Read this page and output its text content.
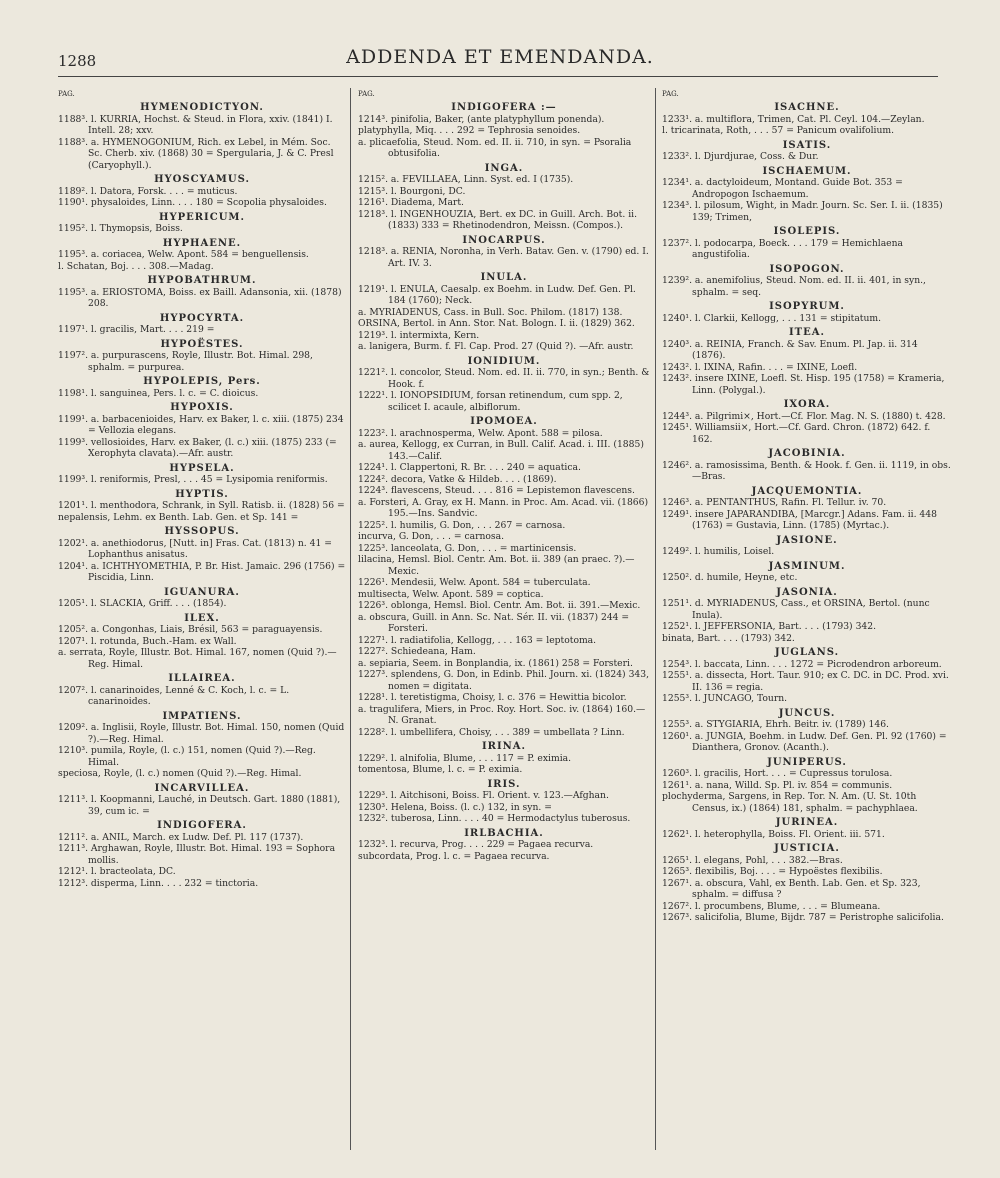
1288	ADDENDA ET EMENDANDA.

PAG.

HYMENODICTYON.

1188³. l. KURRIA, Hochst. & Steud. in Flora, xxiv. (1841) I. Intell. 28; xxv.

1188³. a. HYMENOGONIUM, Rich. ex Lebel, in Mém. Soc. Sc. Cherb. xiv. (1868) 30 = Spergularia, J. & C. Presl (Caryophyll.).

HYOSCYAMUS.

1189². l. Datora, Forsk. . . . = muticus.

1190¹. physaloides, Linn. . . . 180 = Scopolia physaloides.

HYPERICUM.

1195². l. Thymopsis, Boiss.

HYPHAENE.

1195³. a. coriacea, Welw. Apont. 584 = benguellensis.

l. Schatan, Boj. . . . 308.—Madag.

HYPOBATHRUM.

1195³. a. ERIOSTOMA, Boiss. ex Baill. Adansonia, xii. (1878) 208.

HYPOCYRTA.

1197¹. l. gracilis, Mart. . . . 219 =

HYPOËSTES.

1197². a. purpurascens, Royle, Illustr. Bot. Himal. 298, sphalm. = purpurea.

HYPOLEPIS, Pers.

1198¹. l. sanguinea, Pers. l. c. = C. dioicus.

HYPOXIS.

1199¹. a. barbacenioides, Harv. ex Baker, l. c. xiii. (1875) 234 = Vellozia elegans.

1199³. vellosioides, Harv. ex Baker, (l. c.) xiii. (1875) 233 (= Xerophyta clavata).—Afr. austr.

HYPSELA.

1199³. l. reniformis, Presl, . . . 45 = Lysipomia reniformis.

HYPTIS.

1201¹. l. menthodora, Schrank, in Syll. Ratisb. ii. (1828) 56 =

nepalensis, Lehm. ex Benth. Lab. Gen. et Sp. 141 =

HYSSOPUS.

1202¹. a. anethiodorus, [Nutt. in] Fras. Cat. (1813) n. 41 = Lophanthus anisatus.

1204¹. a. ICHTHYOMETHIA, P. Br. Hist. Jamaic. 296 (1756) = Piscidia, Linn.

IGUANURA.

1205¹. l. SLACKIA, Griff. . . . (1854).

ILEX.

1205². a. Congonhas, Liais, Brésil, 563 = paraguayensis.

1207¹. l. rotunda, Buch.-Ham. ex Wall.

a. serrata, Royle, Illustr. Bot. Himal. 167, nomen (Quid ?).—Reg. Himal.

ILLAIREA.

1207². l. canarinoides, Lenné & C. Koch, l. c. = L. canarinoides.

IMPATIENS.

1209². a. Inglisii, Royle, Illustr. Bot. Himal. 150, nomen (Quid ?).—Reg. Himal.

1210³. pumila, Royle, (l. c.) 151, nomen (Quid ?).—Reg. Himal.

speciosa, Royle, (l. c.) nomen (Quid ?).—Reg. Himal.

INCARVILLEA.

1211³. l. Koopmanni, Lauché, in Deutsch. Gart. 1880 (1881), 39, cum ic. =

INDIGOFERA.

1211². a. ANIL, March. ex Ludw. Def. Pl. 117 (1737).

1211³. Arghawan, Royle, Illustr. Bot. Himal. 193 = Sophora mollis.

1212¹. l. bracteolata, DC.

1212³. disperma, Linn. . . . 232 = tinctoria.

PAG.

INDIGOFERA :—

1214³. pinifolia, Baker, (ante platyphyllum ponenda).

platyphylla, Miq. . . . 292 = Tephrosia senoides.

a. plicaefolia, Steud. Nom. ed. II. ii. 710, in syn. = Psoralia obtusifolia.

INGA.

1215². a. FEVILLAEA, Linn. Syst. ed. I (1735).

1215³. l. Bourgoni, DC.

1216¹. Diadema, Mart.

1218³. l. INGENHOUZIA, Bert. ex DC. in Guill. Arch. Bot. ii. (1833) 333 = Rhetinodendron, Meissn. (Compos.).

INOCARPUS.

1218³. a. RENIA, Noronha, in Verh. Batav. Gen. v. (1790) ed. I. Art. IV. 3.

INULA.

1219¹. l. ENULA, Caesalp. ex Boehm. in Ludw. Def. Gen. Pl. 184 (1760); Neck.

a. MYRIADENUS, Cass. in Bull. Soc. Philom. (1817) 138.

ORSINA, Bertol. in Ann. Stor. Nat. Bologn. I. ii. (1829) 362.

1219³. l. intermixta, Kern.

a. lanigera, Burm. f. Fl. Cap. Prod. 27 (Quid ?). —Afr. austr.

IONIDIUM.

1221². l. concolor, Steud. Nom. ed. II. ii. 770, in syn.; Benth. & Hook. f.

1222¹. l. IONOPSIDIUM, forsan retinendum, cum spp. 2, scilicet I. acaule, albiflorum.

IPOMOEA.

1223². l. arachnosperma, Welw. Apont. 588 = pilosa.

a. aurea, Kellogg, ex Curran, in Bull. Calif. Acad. i. III. (1885) 143.—Calif.

1224¹. l. Clappertoni, R. Br. . . . 240 = aquatica.

1224². decora, Vatke & Hildeb. . . . (1869).

1224³. flavescens, Steud. . . . 816 = Lepistemon flavescens.

a. Forsteri, A. Gray, ex H. Mann. in Proc. Am. Acad. vii. (1866) 195.—Ins. Sandvic.

1225². l. humilis, G. Don, . . . 267 = carnosa.

incurva, G. Don, . . . = carnosa.

1225³. lanceolata, G. Don, . . . = martinicensis.

lilacina, Hemsl. Biol. Centr. Am. Bot. ii. 389 (an praec. ?).—Mexic.

1226¹. Mendesii, Welw. Apont. 584 = tuberculata.

multisecta, Welw. Apont. 589 = coptica.

1226³. oblonga, Hemsl. Biol. Centr. Am. Bot. ii. 391.—Mexic.

a. obscura, Guill. in Ann. Sc. Nat. Sér. II. vii. (1837) 244 = Forsteri.

1227¹. l. radiatifolia, Kellogg, . . . 163 = leptotoma.

1227². Schiedeana, Ham.

a. sepiaria, Seem. in Bonplandia, ix. (1861) 258 = Forsteri.

1227³. splendens, G. Don, in Edinb. Phil. Journ. xi. (1824) 343, nomen = digitata.

1228¹. l. teretistigma, Choisy, l. c. 376 = Hewittia bicolor.

a. tragulifera, Miers, in Proc. Roy. Hort. Soc. iv. (1864) 160.—N. Granat.

1228². l. umbellifera, Choisy, . . . 389 = umbellata ? Linn.

IRINA.

1229². l. alnifolia, Blume, . . . 117 = P. eximia.

tomentosa, Blume, l. c. = P. eximia.

IRIS.

1229³. l. Aitchisoni, Boiss. Fl. Orient. v. 123.—Afghan.

1230³. Helena, Boiss. (l. c.) 132, in syn. =

1232². tuberosa, Linn. . . . 40 = Hermodactylus tuberosus.

IRLBACHIA.

1232³. l. recurva, Prog. . . . 229 = Pagaea recurva.

subcordata, Prog. l. c. = Pagaea recurva.

PAG.

ISACHNE.

1233¹. a. multiflora, Trimen, Cat. Pl. Ceyl. 104.—Zeylan.

l. tricarinata, Roth, . . . 57 = Panicum ovalifolium.

ISATIS.

1233². l. Djurdjurae, Coss. & Dur.

ISCHAEMUM.

1234¹. a. dactyloideum, Montand. Guide Bot. 353 = Andropogon Ischaemum.

1234³. l. pilosum, Wight, in Madr. Journ. Sc. Ser. I. ii. (1835) 139; Trimen,

ISOLEPIS.

1237². l. podocarpa, Boeck. . . . 179 = Hemichlaena angustifolia.

ISOPOGON.

1239². a. anemifolius, Steud. Nom. ed. II. ii. 401, in syn., sphalm. = seq.

ISOPYRUM.

1240¹. l. Clarkii, Kellogg, . . . 131 = stipitatum.

ITEA.

1240³. a. REINIA, Franch. & Sav. Enum. Pl. Jap. ii. 314 (1876).

1243². l. IXINA, Rafin. . . . = IXINE, Loefl.

1243². insere IXINE, Loefl. St. Hisp. 195 (1758) = Krameria, Linn. (Polygal.).

IXORA.

1244³. a. Pilgrimi×, Hort.—Cf. Flor. Mag. N. S. (1880) t. 428.

1245¹. Williamsii×, Hort.—Cf. Gard. Chron. (1872) 642. f. 162.

JACOBINIA.

1246². a. ramosissima, Benth. & Hook. f. Gen. ii. 1119, in obs.—Bras.

JACQUEMONTIA.

1246³. a. PENTANTHUS, Rafin. Fl. Tellur. iv. 70.

1249¹. insere JAPARANDIBA, [Marcgr.] Adans. Fam. ii. 448 (1763) = Gustavia, Linn. (1785) (Myrtac.).

JASIONE.

1249². l. humilis, Loisel.

JASMINUM.

1250². d. humile, Heyne, etc.

JASONIA.

1251¹. d. MYRIADENUS, Cass., et ORSINA, Bertol. (nunc Inula).

1252¹. l. JEFFERSONIA, Bart. . . . (1793) 342.

binata, Bart. . . . (1793) 342.

JUGLANS.

1254³. l. baccata, Linn. . . . 1272 = Picrodendron arboreum.

1255¹. a. dissecta, Hort. Taur. 910; ex C. DC. in DC. Prod. xvi. II. 136 = regia.

1255³. l. JUNCAGO, Tourn.

JUNCUS.

1255³. a. STYGIARIA, Ehrh. Beitr. iv. (1789) 146.

1260¹. a. JUNGIA, Boehm. in Ludw. Def. Gen. Pl. 92 (1760) = Dianthera, Gronov. (Acanth.).

JUNIPERUS.

1260³. l. gracilis, Hort. . . . = Cupressus torulosa.

1261¹. a. nana, Willd. Sp. Pl. iv. 854 = communis.

plochyderma, Sargens, in Rep. Tor. N. Am. (U. St. 10th Census, ix.) (1864) 181, sphalm. = pachyphlaea.

JURINEA.

1262¹. l. heterophylla, Boiss. Fl. Orient. iii. 571.

JUSTICIA.

1265¹. l. elegans, Pohl, . . . 382.—Bras.

1265³. flexibilis, Boj. . . . = Hypoëstes flexibilis.

1267¹. a. obscura, Vahl, ex Benth. Lab. Gen. et Sp. 323, sphalm. = diffusa ?

1267². l. procumbens, Blume, . . . = Blumeana.

1267³. salicifolia, Blume, Bijdr. 787 = Peristrophe salicifolia.
